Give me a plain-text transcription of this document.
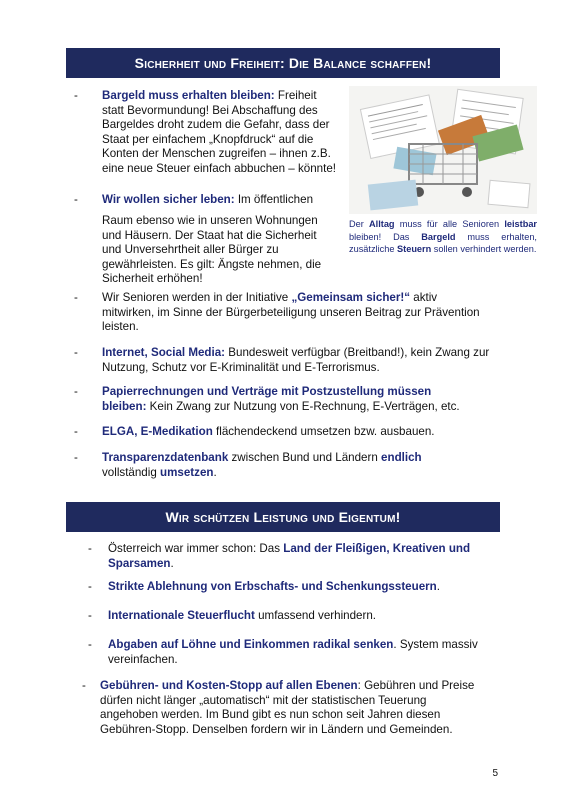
Sicherheit und Freiheit: Die Balance schaffen!
Der Alltag muss für alle Senioren leistbar bleiben! Das Bargeld muss erhalten, zusätzliche Steuern sollen verhindert werden.
- Bargeld muss erhalten bleiben: Freiheit statt Bevormundung! Bei Abschaffung des Bargeldes droht zudem die Gefahr, dass der Staat per einfachem „Knopfdruck“ auf die Konten der Menschen zugreifen – ihnen z.B. eine neue Steuer einfach abbuchen – könnte!
- Wir wollen sicher leben: Im öffentlichen
Raum ebenso wie in unseren Wohnungen und Häusern. Der Staat hat die Sicherheit und Unversehrtheit aller Bürger zu gewährleisten. Es gilt: Ängste nehmen, die Sicherheit erhöhen!
- Wir Senioren werden in der Initiative „Gemeinsam sicher!“ aktiv mitwirken, im Sinne der Bürgerbeteiligung unseren Beitrag zur Prävention leisten.
- Internet, Social Media: Bundesweit verfügbar (Breitband!), kein Zwang zur Nutzung, Schutz vor E-Kriminalität und E-Terrorismus.
- Papierrechnungen und Verträge mit Postzustellung müssen bleiben: Kein Zwang zur Nutzung von E-Rechnung, E-Verträgen, etc.
- ELGA, E-Medikation flächendeckend umsetzen bzw. ausbauen.
- Transparenzdatenbank zwischen Bund und Ländern endlich vollständig umsetzen.
Wir schützen Leistung und Eigentum!
- Österreich war immer schon: Das Land der Fleißigen, Kreativen und Sparsamen.
- Strikte Ablehnung von Erbschafts- und Schenkungssteuern.
- Internationale Steuerflucht umfassend verhindern.
- Abgaben auf Löhne und Einkommen radikal senken. System massiv vereinfachen.
- Gebühren- und Kosten-Stopp auf allen Ebenen: Gebühren und Preise dürfen nicht länger „automatisch“ mit der statistischen Teuerung angehoben werden. Im Bund gibt es nun schon seit Jahren diesen Gebühren-Stopp. Denselben fordern wir in Ländern und Gemeinden.
5
